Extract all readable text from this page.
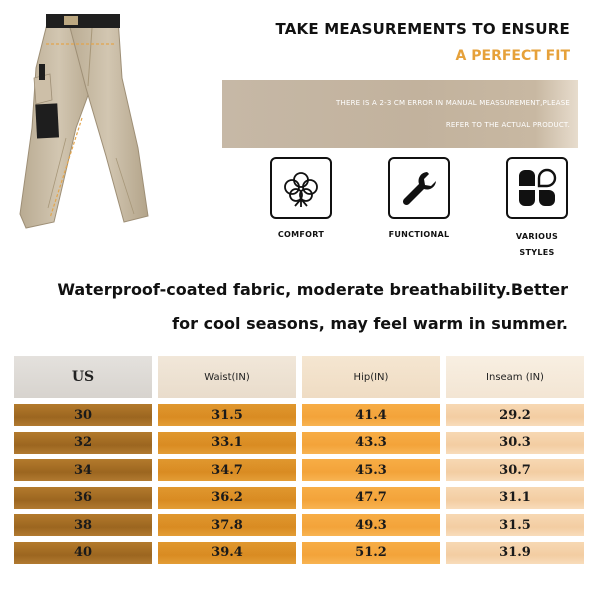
TAKE MEASUREMENTS TO ENSURE
A PERFECT FIT
THERE IS A 2-3 CM ERROR IN MANUAL MEASSUREMENT,PLEASE
REFER TO THE ACTUAL PRODUCT.
COMFORT	FUNCTIONAL	VARIOUS STYLES
Waterproof-coated fabric, moderate breathability.Better
for cool seasons, may feel warm in summer.
US	Waist(IN)	Hip(IN)	Inseam (IN)
30	31.5	41.4	29.2
32	33.1	43.3	30.3
34	34.7	45.3	30.7
36	36.2	47.7	31.1
38	37.8	49.3	31.5
40	39.4	51.2	31.9
